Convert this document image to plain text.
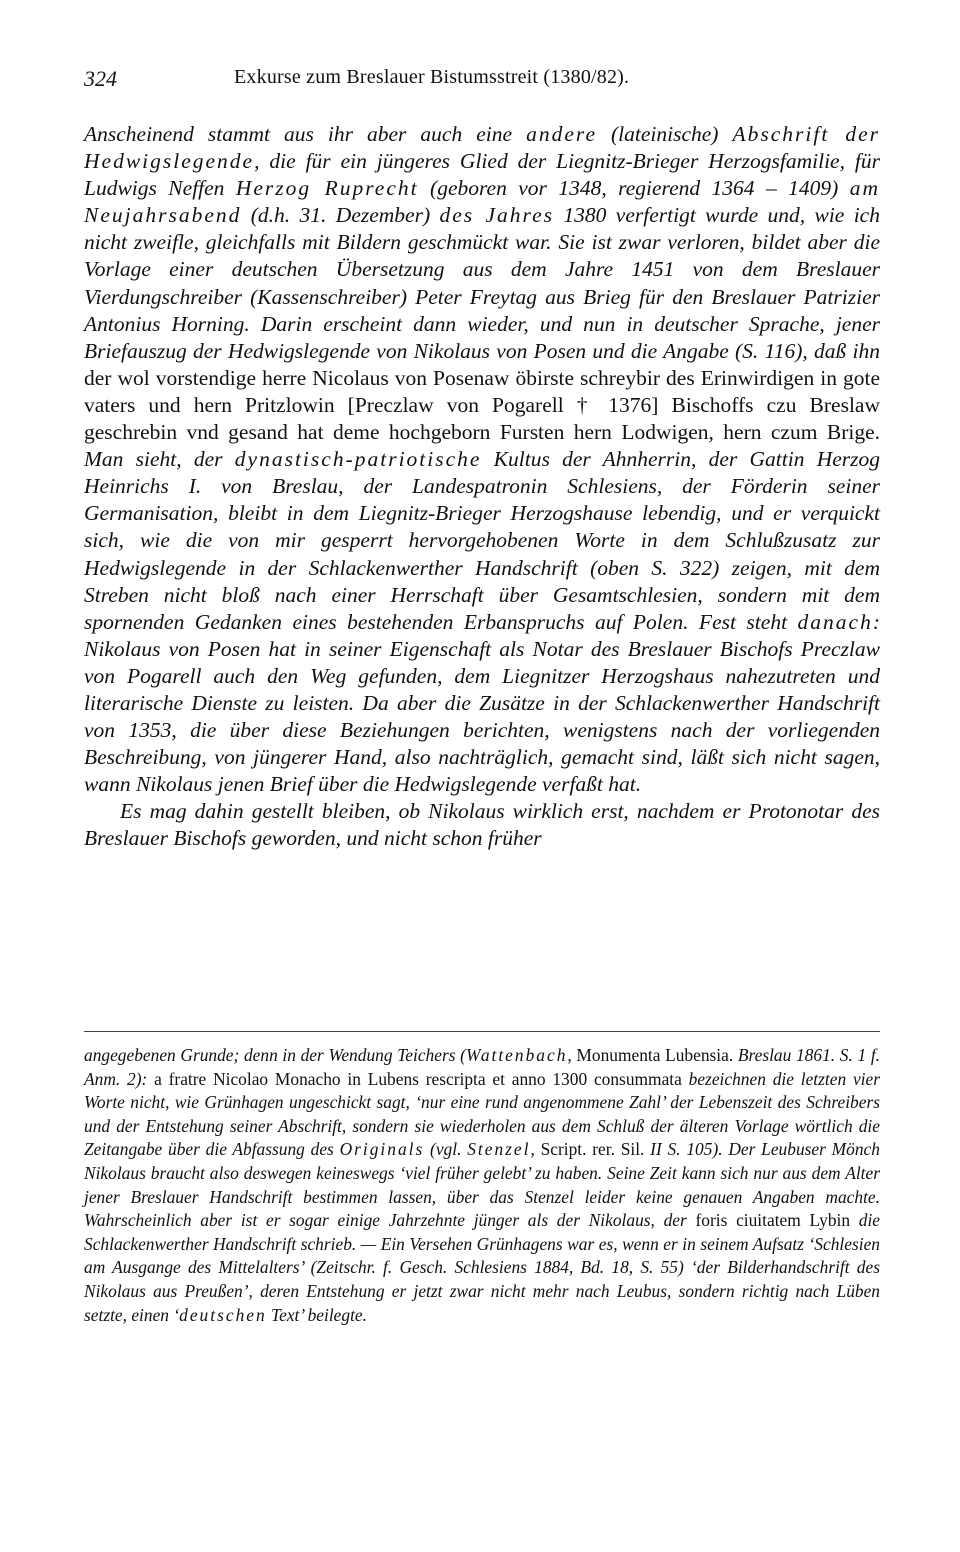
324	Exkurse zum Breslauer Bistumsstreit (1380/82).

Anscheinend stammt aus ihr aber auch eine andere (lateinische) Abschrift der Hedwigslegende, die für ein jüngeres Glied der Liegnitz-Brieger Herzogsfamilie, für Ludwigs Neffen Herzog Ruprecht (geboren vor 1348, regierend 1364 – 1409) am Neujahrsabend (d.h. 31. Dezember) des Jahres 1380 verfertigt wurde und, wie ich nicht zweifle, gleichfalls mit Bildern geschmückt war. Sie ist zwar verloren, bildet aber die Vorlage einer deutschen Übersetzung aus dem Jahre 1451 von dem Breslauer Vierdungschreiber (Kassenschreiber) Peter Freytag aus Brieg für den Breslauer Patrizier Antonius Horning. Darin erscheint dann wieder, und nun in deutscher Sprache, jener Briefauszug der Hedwigslegende von Nikolaus von Posen und die Angabe (S. 116), daß ihn der wol vorstendige herre Nicolaus von Posenaw öbirste schreybir des Erinwirdigen in gote vaters und hern Pritzlowin [Preczlaw von Pogarell † 1376] Bischoffs czu Breslaw geschrebin vnd gesand hat deme hochgeborn Fursten hern Lodwigen, hern czum Brige. Man sieht, der dynastisch-patriotische Kultus der Ahnherrin, der Gattin Herzog Heinrichs I. von Breslau, der Landespatronin Schlesiens, der Förderin seiner Germanisation, bleibt in dem Liegnitz-Brieger Herzogshause lebendig, und er verquickt sich, wie die von mir gesperrt hervorgehobenen Worte in dem Schlußzusatz zur Hedwigslegende in der Schlackenwerther Handschrift (oben S. 322) zeigen, mit dem Streben nicht bloß nach einer Herrschaft über Gesamtschlesien, sondern mit dem spornenden Gedanken eines bestehenden Erbanspruchs auf Polen. Fest steht danach: Nikolaus von Posen hat in seiner Eigenschaft als Notar des Breslauer Bischofs Preczlaw von Pogarell auch den Weg gefunden, dem Liegnitzer Herzogshaus nahezutreten und literarische Dienste zu leisten. Da aber die Zusätze in der Schlackenwerther Handschrift von 1353, die über diese Beziehungen berichten, wenigstens nach der vorliegenden Beschreibung, von jüngerer Hand, also nachträglich, gemacht sind, läßt sich nicht sagen, wann Nikolaus jenen Brief über die Hedwigslegende verfaßt hat.

Es mag dahin gestellt bleiben, ob Nikolaus wirklich erst, nachdem er Protonotar des Breslauer Bischofs geworden, und nicht schon früher

angegebenen Grunde; denn in der Wendung Teichers (Wattenbach, Monumenta Lubensia. Breslau 1861. S. 1 f. Anm. 2): a fratre Nicolao Monacho in Lubens rescripta et anno 1300 consummata bezeichnen die letzten vier Worte nicht, wie Grünhagen ungeschickt sagt, ‘nur eine rund angenommene Zahl’ der Lebenszeit des Schreibers und der Entstehung seiner Abschrift, sondern sie wiederholen aus dem Schluß der älteren Vorlage wörtlich die Zeitangabe über die Abfassung des Originals (vgl. Stenzel, Script. rer. Sil. II S. 105). Der Leubuser Mönch Nikolaus braucht also deswegen keineswegs ‘viel früher gelebt’ zu haben. Seine Zeit kann sich nur aus dem Alter jener Breslauer Handschrift bestimmen lassen, über das Stenzel leider keine genauen Angaben machte. Wahrscheinlich aber ist er sogar einige Jahrzehnte jünger als der Nikolaus, der foris ciuitatem Lybin die Schlackenwerther Handschrift schrieb. — Ein Versehen Grünhagens war es, wenn er in seinem Aufsatz ‘Schlesien am Ausgange des Mittelalters’ (Zeitschr. f. Gesch. Schlesiens 1884, Bd. 18, S. 55) ‘der Bilderhandschrift des Nikolaus aus Preußen’, deren Entstehung er jetzt zwar nicht mehr nach Leubus, sondern richtig nach Lüben setzte, einen ‘deutschen Text’ beilegte.
